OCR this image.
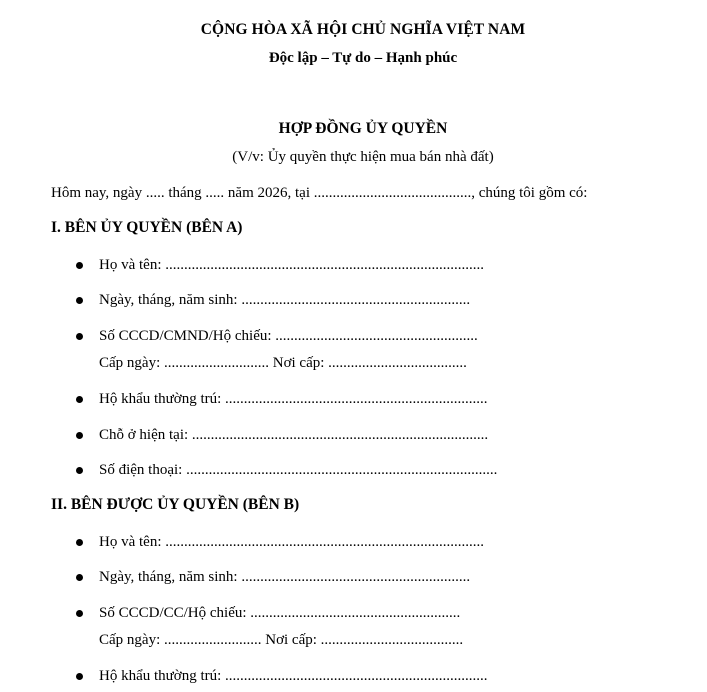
CỘNG HÒA XÃ HỘI CHỦ NGHĨA VIỆT NAM
Độc lập – Tự do – Hạnh phúc
HỢP ĐỒNG ỦY QUYỀN
(V/v: Ủy quyền thực hiện mua bán nhà đất)
Hôm nay, ngày ..... tháng ..... năm 2026, tại .........................................., chúng tôi gồm có:
I. BÊN ỦY QUYỀN (BÊN A)
Họ và tên: .....................................................................................
Ngày, tháng, năm sinh: .............................................................
Số CCCD/CMND/Hộ chiếu: ......................................................
Cấp ngày: ............................ Nơi cấp: .....................................
Hộ khẩu thường trú: ......................................................................
Chỗ ở hiện tại: ...............................................................................
Số điện thoại: ...................................................................................
II. BÊN ĐƯỢC ỦY QUYỀN (BÊN B)
Họ và tên: .....................................................................................
Ngày, tháng, năm sinh: .............................................................
Số CCCD/CC/Hộ chiếu: ........................................................
Cấp ngày: .......................... Nơi cấp: ......................................
Hộ khẩu thường trú: ......................................................................
